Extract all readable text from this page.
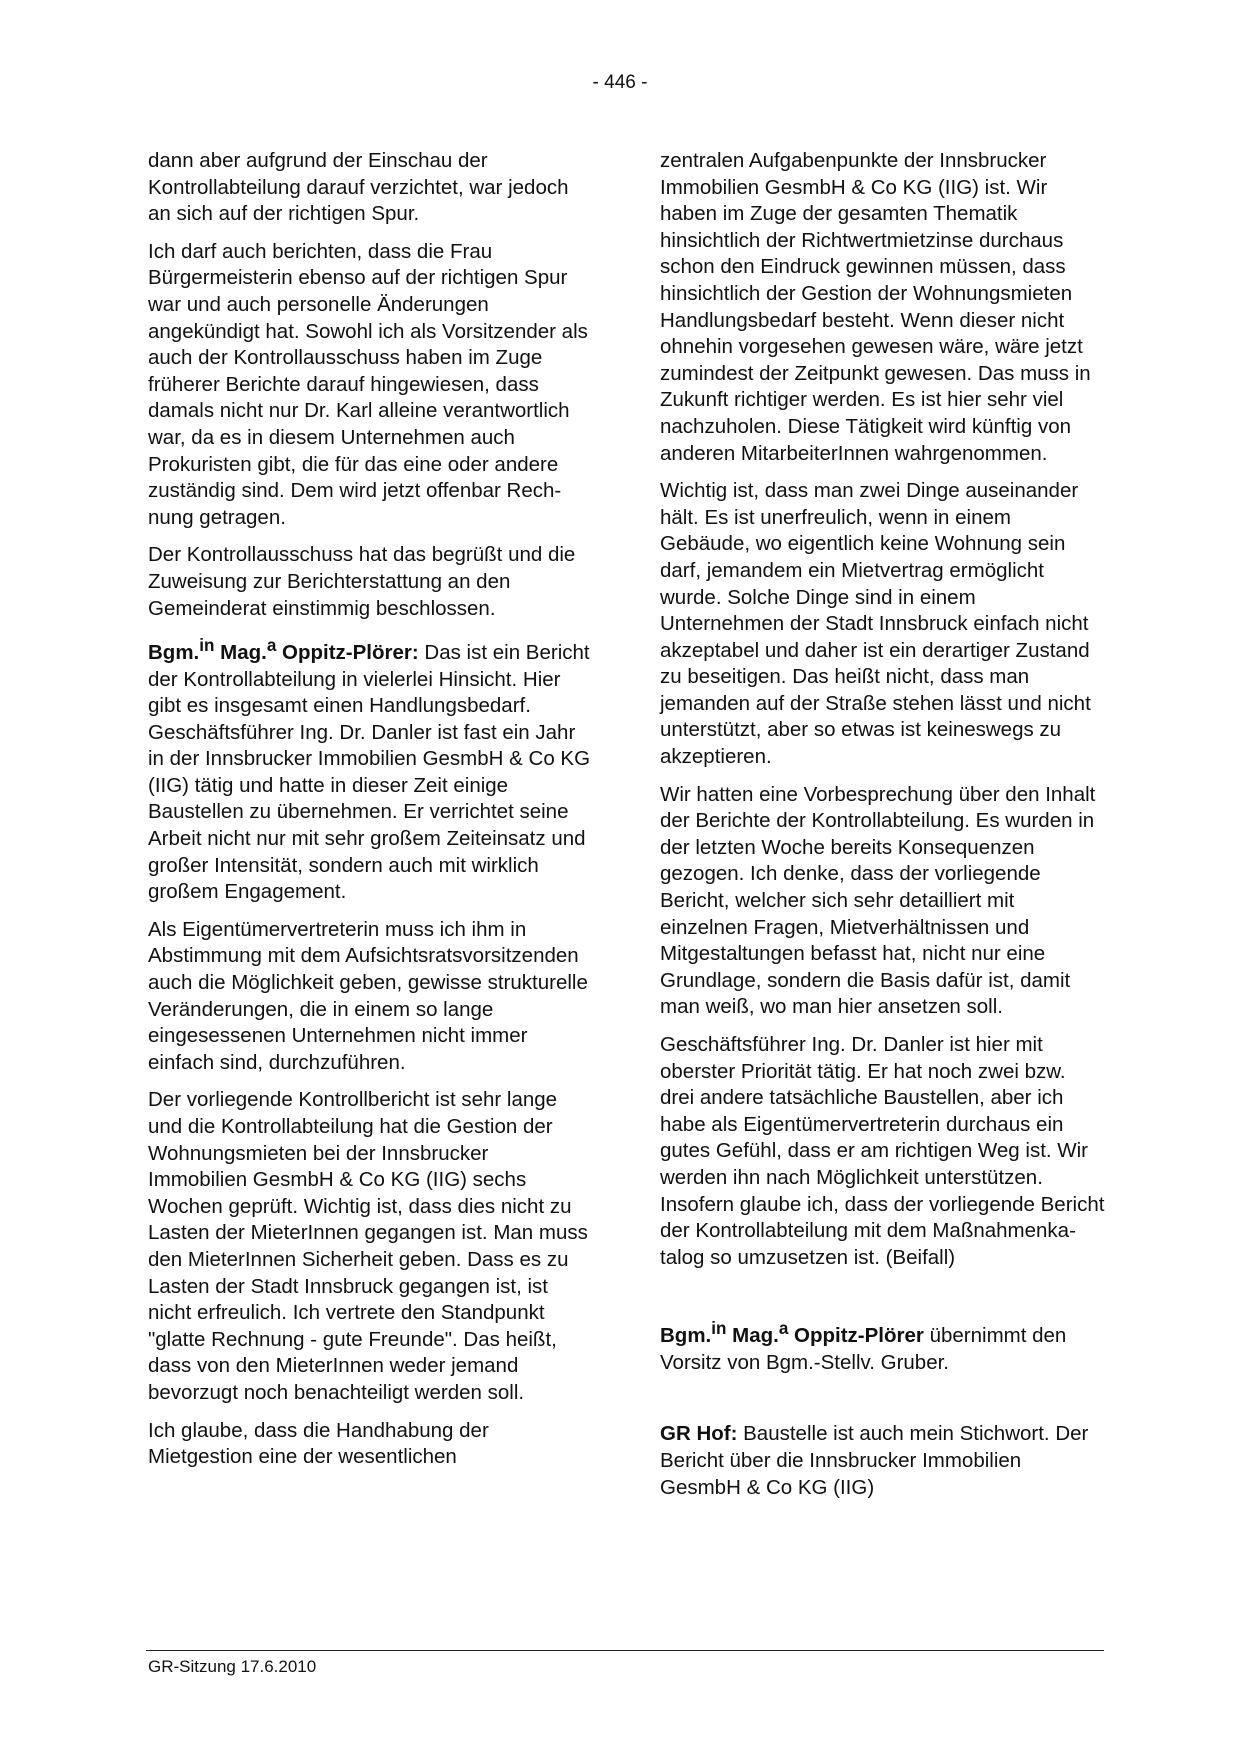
- 446 -

dann aber aufgrund der Einschau der Kontrollabteilung darauf verzichtet, war jedoch an sich auf der richtigen Spur.

Ich darf auch berichten, dass die Frau Bürgermeisterin ebenso auf der richtigen Spur war und auch personelle Änderungen angekündigt hat. Sowohl ich als Vorsitzender als auch der Kontrollausschuss haben im Zuge früherer Berichte darauf hingewiesen, dass damals nicht nur Dr. Karl alleine verantwortlich war, da es in diesem Unternehmen auch Prokuristen gibt, die für das eine oder andere zuständig sind. Dem wird jetzt offenbar Rechnung getragen.

Der Kontrollausschuss hat das begrüßt und die Zuweisung zur Berichterstattung an den Gemeinderat einstimmig beschlossen.

Bgm.$^{in}$ Mag.$^a$ Oppitz-Plörer: Das ist ein Bericht der Kontrollabteilung in vielerlei Hinsicht. Hier gibt es insgesamt einen Handlungsbedarf. Geschäftsführer Ing. Dr. Danler ist fast ein Jahr in der Innsbrucker Immobilien GesmbH & Co KG (IIG) tätig und hatte in dieser Zeit einige Baustellen zu übernehmen. Er verrichtet seine Arbeit nicht nur mit sehr großem Zeiteinsatz und großer Intensität, sondern auch mit wirklich großem Engagement.

Als Eigentümervertreterin muss ich ihm in Abstimmung mit dem Aufsichtsratsvorsitzenden auch die Möglichkeit geben, gewisse strukturelle Veränderungen, die in einem so lange eingesessenen Unternehmen nicht immer einfach sind, durchzuführen.

Der vorliegende Kontrollbericht ist sehr lange und die Kontrollabteilung hat die Gestion der Wohnungsmieten bei der Innsbrucker Immobilien GesmbH & Co KG (IIG) sechs Wochen geprüft. Wichtig ist, dass dies nicht zu Lasten der MieterInnen gegangen ist. Man muss den MieterInnen Sicherheit geben. Dass es zu Lasten der Stadt Innsbruck gegangen ist, ist nicht erfreulich. Ich vertrete den Standpunkt "glatte Rechnung - gute Freunde". Das heißt, dass von den MieterInnen weder jemand bevorzugt noch benachteiligt werden soll.

Ich glaube, dass die Handhabung der Mietgestion eine der wesentlichen

zentralen Aufgabenpunkte der Innsbrucker Immobilien GesmbH & Co KG (IIG) ist. Wir haben im Zuge der gesamten Thematik hinsichtlich der Richtwertmietzinse durchaus schon den Eindruck gewinnen müssen, dass hinsichtlich der Gestion der Wohnungsmieten Handlungsbedarf besteht. Wenn dieser nicht ohnehin vorgesehen gewesen wäre, wäre jetzt zumindest der Zeitpunkt gewesen. Das muss in Zukunft richtiger werden. Es ist hier sehr viel nachzuholen. Diese Tätigkeit wird künftig von anderen MitarbeiterInnen wahrgenommen.

Wichtig ist, dass man zwei Dinge auseinander hält. Es ist unerfreulich, wenn in einem Gebäude, wo eigentlich keine Wohnung sein darf, jemandem ein Mietvertrag ermöglicht wurde. Solche Dinge sind in einem Unternehmen der Stadt Innsbruck einfach nicht akzeptabel und daher ist ein derartiger Zustand zu beseitigen. Das heißt nicht, dass man jemanden auf der Straße stehen lässt und nicht unterstützt, aber so etwas ist keineswegs zu akzeptieren.

Wir hatten eine Vorbesprechung über den Inhalt der Berichte der Kontrollabteilung. Es wurden in der letzten Woche bereits Konsequenzen gezogen. Ich denke, dass der vorliegende Bericht, welcher sich sehr detailliert mit einzelnen Fragen, Mietverhältnissen und Mitgestaltungen befasst hat, nicht nur eine Grundlage, sondern die Basis dafür ist, damit man weiß, wo man hier ansetzen soll.

Geschäftsführer Ing. Dr. Danler ist hier mit oberster Priorität tätig. Er hat noch zwei bzw. drei andere tatsächliche Baustellen, aber ich habe als Eigentümervertreterin durchaus ein gutes Gefühl, dass er am richtigen Weg ist. Wir werden ihn nach Möglichkeit unterstützen. Insofern glaube ich, dass der vorliegende Bericht der Kontrollabteilung mit dem Maßnahmenkatalog so umzusetzen ist. (Beifall)

Bgm.$^{in}$ Mag.$^a$ Oppitz-Plörer übernimmt den Vorsitz von Bgm.-Stellv. Gruber.

GR Hof: Baustelle ist auch mein Stichwort. Der Bericht über die Innsbrucker Immobilien GesmbH & Co KG (IIG)

GR-Sitzung 17.6.2010
